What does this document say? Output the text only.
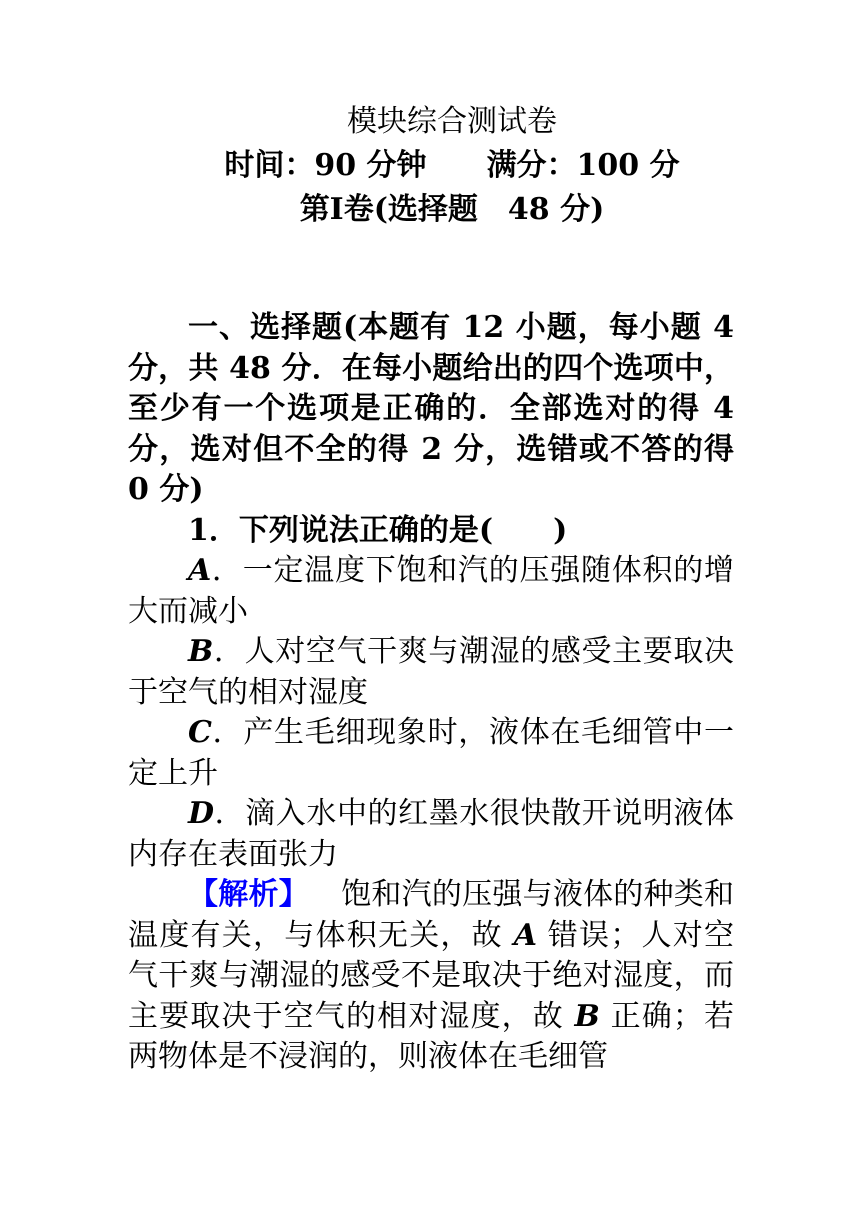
模块综合测试卷
时间：90 分钟 满分：100 分
第Ⅰ卷(选择题　48 分)
一、选择题(本题有 12 小题，每小题 4 分，共 48 分．在每小题给出的四个选项中，至少有一个选项是正确的．全部选对的得 4 分，选对但不全的得 2 分，选错或不答的得 0 分)
1．下列说法正确的是(　　)
A．一定温度下饱和汽的压强随体积的增大而减小
B．人对空气干爽与潮湿的感受主要取决于空气的相对湿度
C．产生毛细现象时，液体在毛细管中一定上升
D．滴入水中的红墨水很快散开说明液体内存在表面张力
【解析】 饱和汽的压强与液体的种类和温度有关，与体积无关，故 A 错误；人对空气干爽与潮湿的感受不是取决于绝对湿度，而主要取决于空气的相对湿度，故 B 正确；若两物体是不浸润的，则液体在毛细管
